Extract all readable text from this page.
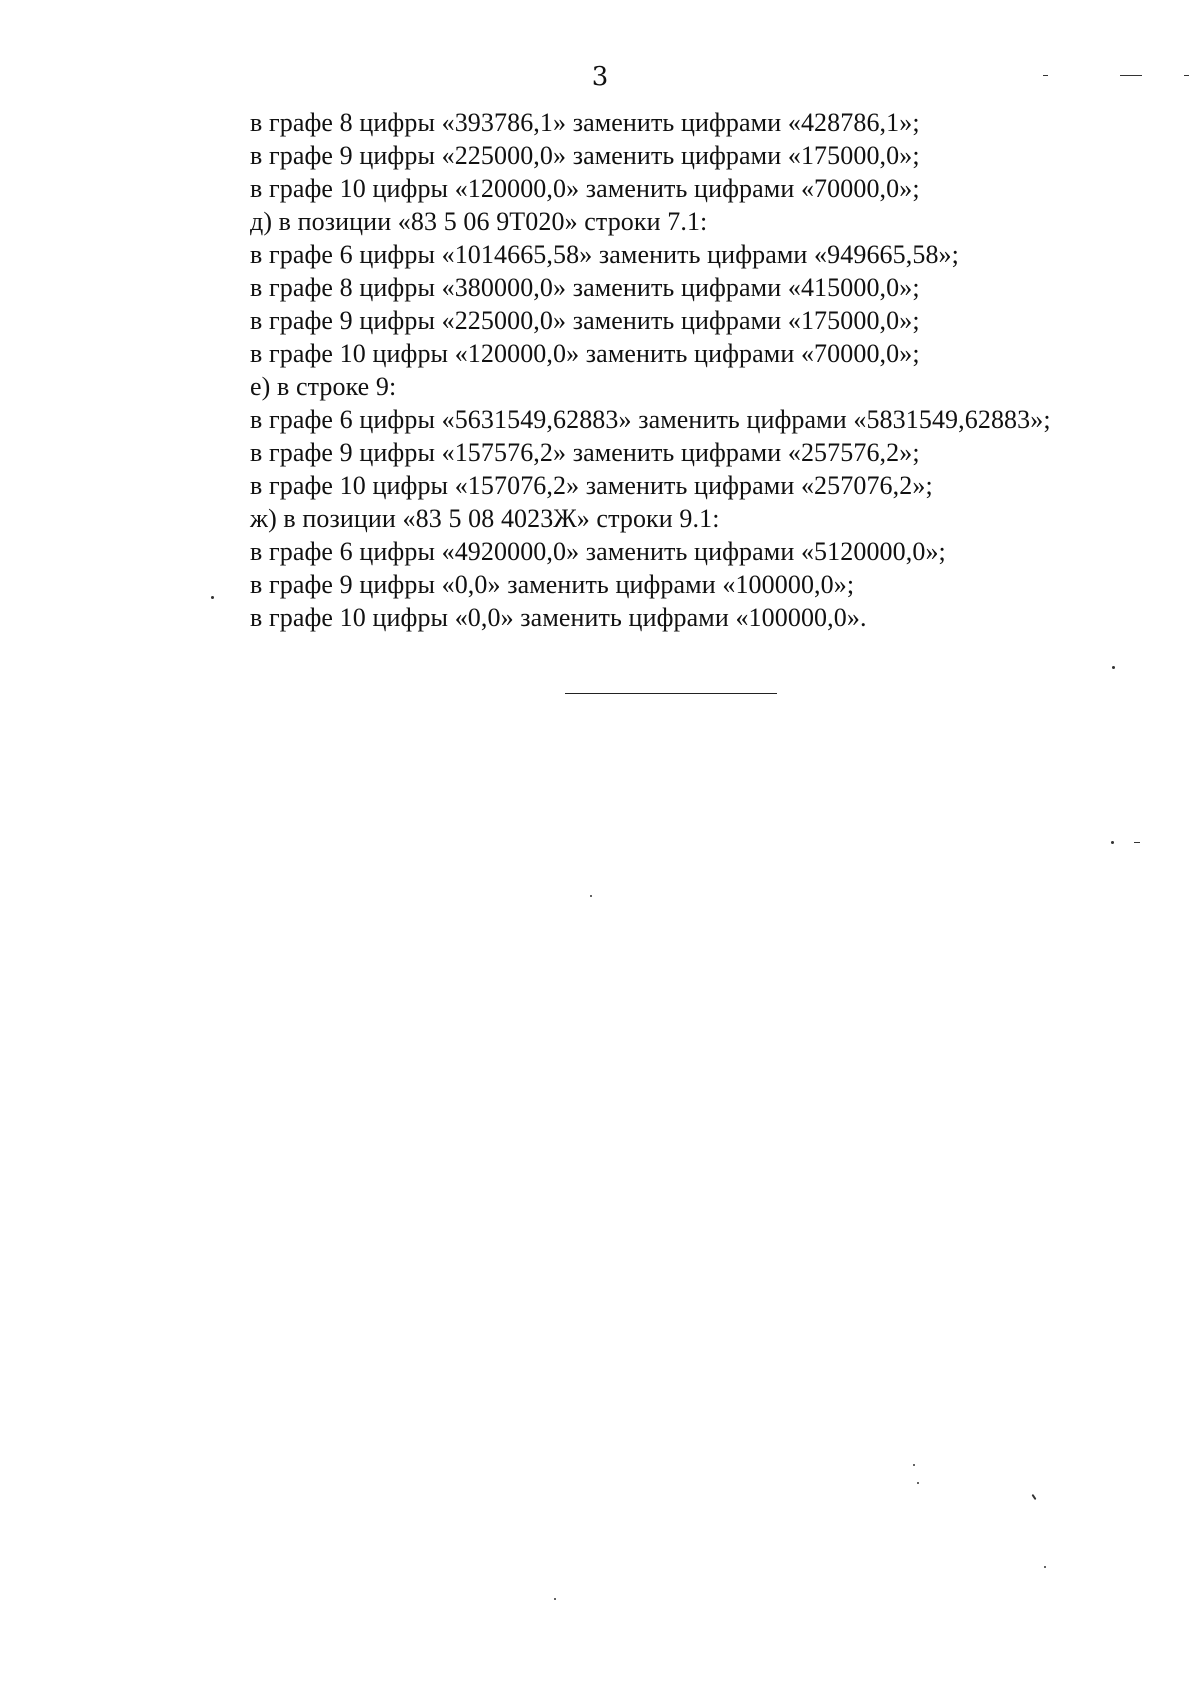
3
в графе 8 цифры «393786,1» заменить цифрами «428786,1»;
в графе 9 цифры «225000,0» заменить цифрами «175000,0»;
в графе 10 цифры «120000,0» заменить цифрами «70000,0»;
д) в позиции «83 5 06 9Т020» строки 7.1:
в графе 6 цифры «1014665,58» заменить цифрами «949665,58»;
в графе 8 цифры «380000,0» заменить цифрами «415000,0»;
в графе 9 цифры «225000,0» заменить цифрами «175000,0»;
в графе 10 цифры «120000,0» заменить цифрами «70000,0»;
е) в строке 9:
в графе 6 цифры «5631549,62883» заменить цифрами «5831549,62883»;
в графе 9 цифры «157576,2» заменить цифрами «257576,2»;
в графе 10 цифры «157076,2» заменить цифрами «257076,2»;
ж) в позиции «83 5 08 4023Ж» строки 9.1:
в графе 6 цифры «4920000,0» заменить цифрами «5120000,0»;
в графе 9 цифры «0,0» заменить цифрами «100000,0»;
в графе 10 цифры «0,0» заменить цифрами «100000,0».
